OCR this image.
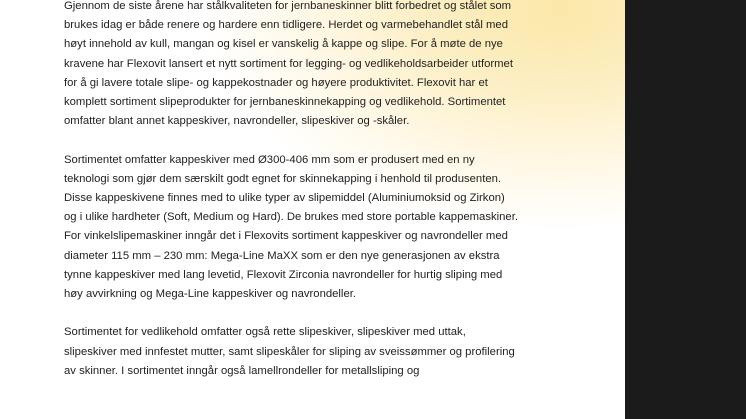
Gjennom de siste årene har stålkvaliteten for jernbaneskinner blitt forbedret og stålet som
brukes idag er både renere og hardere enn tidligere. Herdet og varmebehandlet stål med
høyt innehold av kull, mangan og kisel er vanskelig å kappe og slipe. For å møte de nye
kravene har Flexovit lansert et nytt sortiment for legging- og vedlikeholdsarbeider utformet
for å gi lavere totale slipe- og kappekostnader og høyere produktivitet. Flexovit har et
komplett sortiment slipeprodukter for jernbaneskinnekapping og vedlikehold. Sortimentet
omfatter blant annet kappeskiver, navrondeller, slipeskiver og -skåler.

Sortimentet omfatter kappeskiver med Ø300-406 mm som er produsert med en ny
teknologi som gjør dem særskilt godt egnet for skinnekapping i henhold til produsenten.
Disse kappeskivene finnes med to ulike typer av slipemiddel (Aluminiumoksid og Zirkon)
og i ulike hardheter (Soft, Medium og Hard). De brukes med store portable kappemaskiner.
For vinkelslipemaskiner inngår det i Flexovits sortiment kappeskiver og navrondeller med
diameter 115 mm – 230 mm: Mega-Line MaXX som er den nye generasjonen av ekstra
tynne kappeskiver med lang levetid, Flexovit Zirconia navrondeller for hurtig sliping med
høy avvirkning og Mega-Line kappeskiver og navrondeller.

Sortimentet for vedlikehold omfatter også rette slipeskiver, slipeskiver med uttak,
slipeskiver med innfestet mutter, samt slipeskåler for sliping av sveissømmer og profilering
av skinner. I sortimentet inngår også lamellrondeller for metallsliping og
